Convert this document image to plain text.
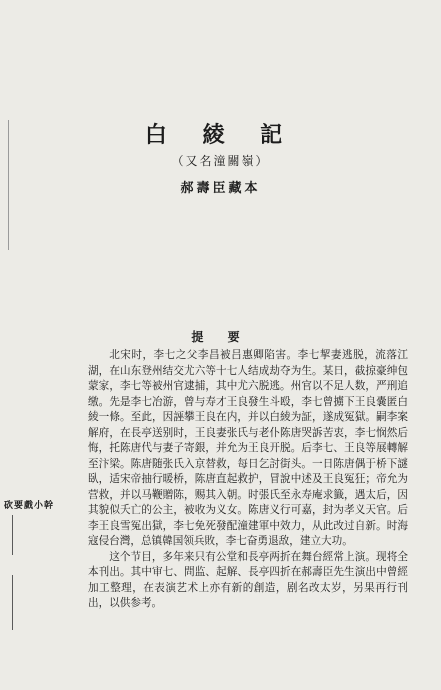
白 綾 記
（又名潼關嶺）
郝壽臣藏本
提 要

北宋时，李七之父李昌被吕惠卿陷害。李七挈妻逃脱，流落江湖，在山东登州结交尤六等十七人结成劫夺为生。某日，截掠豪绅包蒙家，李七等被州官逮捕，其中尤六脱逃。州官以不足人数，严刑追缴。先是李七冶游，曾与寿才王良發生斗殴，李七曾擄下王良嚢匿白綾一條。至此，因誣攀王良在内，并以白綾为証，遂成冤獄。嗣李案解府，在長亭送别时，王良妻张氏与老仆陈唐哭訴苦衷，李七悯然后悔，托陈唐代与妻子寄銀，并允为王良开脱。后李七、王良等展轉解至汴梁。陈唐随张氏入京替救，每日乞討街头。一日陈唐偶于桥下謎臥，适宋帝抽行暖桥，陈唐直起救护，冒說中述及王良冤狂；帝允为营救，并以马鞭贈陈，赐其入朝。时張氏至永寿庵求籤，遇太后，因其貌似夭亡的公主，被收为义女。陈唐义行可嘉，封为孝义天官。后李王良雪冤出獄，李七免死發配潼建軍中效力，从此改过自新。时海寇侵台灣，总镇韓国领兵敗，李七奋勇退敌，建立大功。

这个节目，多年来只有公堂和長亭两折在舞台經常上演。现将全本刊出。其中审七、問监、起解、長亭四折在郝壽臣先生演出中曾經加工整理，在表演艺术上亦有新的創造，剧名改太岁，另果再行刊出，以供参考。

砍要戲小幹
